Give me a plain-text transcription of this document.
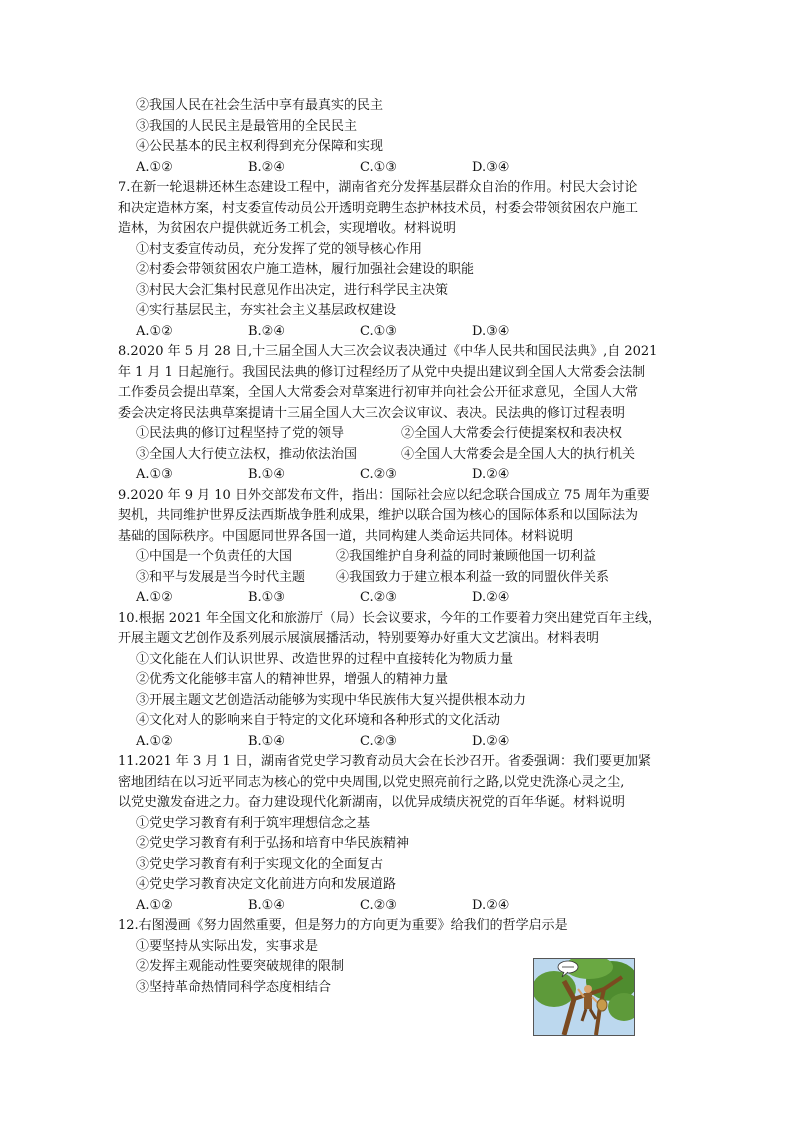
②我国人民在社会生活中享有最真实的民主
③我国的人民民主是最管用的全民民主
④公民基本的民主权利得到充分保障和实现
A.①②	B.②④	C.①③	D.③④
7.在新一轮退耕还林生态建设工程中，湖南省充分发挥基层群众自治的作用。村民大会讨论
和决定造林方案，村支委宣传动员公开透明竞聘生态护林技术员，村委会带领贫困农户施工
造林，为贫困农户提供就近务工机会，实现增收。材料说明
①村支委宣传动员，充分发挥了党的领导核心作用
②村委会带领贫困农户施工造林，履行加强社会建设的职能
③村民大会汇集村民意见作出决定，进行科学民主决策
④实行基层民主，夯实社会主义基层政权建设
A.①②	B.②④	C.①③	D.③④
8.2020 年 5 月 28 日,十三届全国人大三次会议表决通过《中华人民共和国民法典》,自 2021
年 1 月 1 日起施行。我国民法典的修订过程经历了从党中央提出建议到全国人大常委会法制
工作委员会提出草案，全国人大常委会对草案进行初审并向社会公开征求意见，全国人大常
委会决定将民法典草案提请十三届全国人大三次会议审议、表决。民法典的修订过程表明
①民法典的修订过程坚持了党的领导	②全国人大常委会行使提案权和表决权
③全国人大行使立法权，推动依法治国	④全国人大常委会是全国人大的执行机关
A.①③	B.①④	C.②③	D.②④
9.2020 年 9 月 10 日外交部发布文件，指出：国际社会应以纪念联合国成立 75 周年为重要
契机，共同维护世界反法西斯战争胜利成果，维护以联合国为核心的国际体系和以国际法为
基础的国际秩序。中国愿同世界各国一道，共同构建人类命运共同体。材料说明
①中国是一个负责任的大国	②我国维护自身利益的同时兼顾他国一切利益
③和平与发展是当今时代主题	④我国致力于建立根本利益一致的同盟伙伴关系
A.①②	B.①③	C.②③	D.②④
10.根据 2021 年全国文化和旅游厅（局）长会议要求，今年的工作要着力突出建党百年主线，
开展主题文艺创作及系列展示展演展播活动，特别要筹办好重大文艺演出。材料表明
①文化能在人们认识世界、改造世界的过程中直接转化为物质力量
②优秀文化能够丰富人的精神世界，增强人的精神力量
③开展主题文艺创造活动能够为实现中华民族伟大复兴提供根本动力
④文化对人的影响来自于特定的文化环境和各种形式的文化活动
A.①②	B.①④	C.②③	D.②④
11.2021 年 3 月 1 日，湖南省党史学习教育动员大会在长沙召开。省委强调：我们要更加紧
密地团结在以习近平同志为核心的党中央周围,以党史照亮前行之路,以党史洗涤心灵之尘,
以党史激发奋进之力。奋力建设现代化新湖南，以优异成绩庆祝党的百年华诞。材料说明
①党史学习教育有利于筑牢理想信念之基
②党史学习教育有利于弘扬和培育中华民族精神
③党史学习教育有利于实现文化的全面复古
④党史学习教育决定文化前进方向和发展道路
A.①②	B.①④	C.②③	D.②④
12.右图漫画《努力固然重要，但是努力的方向更为重要》给我们的哲学启示是
①要坚持从实际出发，实事求是
②发挥主观能动性要突破规律的限制
③坚持革命热情同科学态度相结合
